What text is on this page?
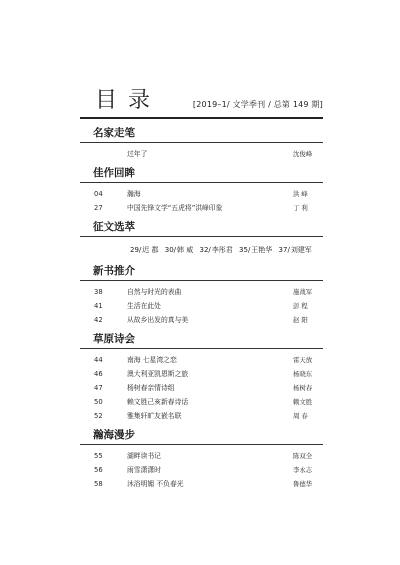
目录	[2019–1/ 文学季刊 / 总第 149 期]
名家走笔
过年了	沈俊峰
佳作回眸
04	瀚海	洪 峰
27	中国先锋文学“五虎将”洪峰印象	丁 利
征文选萃
29/迟 郡 30/韩 威 32/李彤君 35/王艳华 37/刘建军
新书推介
38	自然与时光的表曲	施战军
41	生活在此处	彭 程
42	从故乡出发的真与美	赵 阳
草原诗会
44	南海 七星湾之恋	雷天放
46	澳大利亚凯恩斯之旅	杨晓东
47	杨树春亲情诗组	杨树春
50	赖文胜己亥新春诗话	赖文胜
52	雅集轩旷友嵌名联	周 春
瀚海漫步
55	湖畔读书记	陈双全
56	雨雪潇潇时	李永志
58	沐浴明媚 不负春光	鲁德华
